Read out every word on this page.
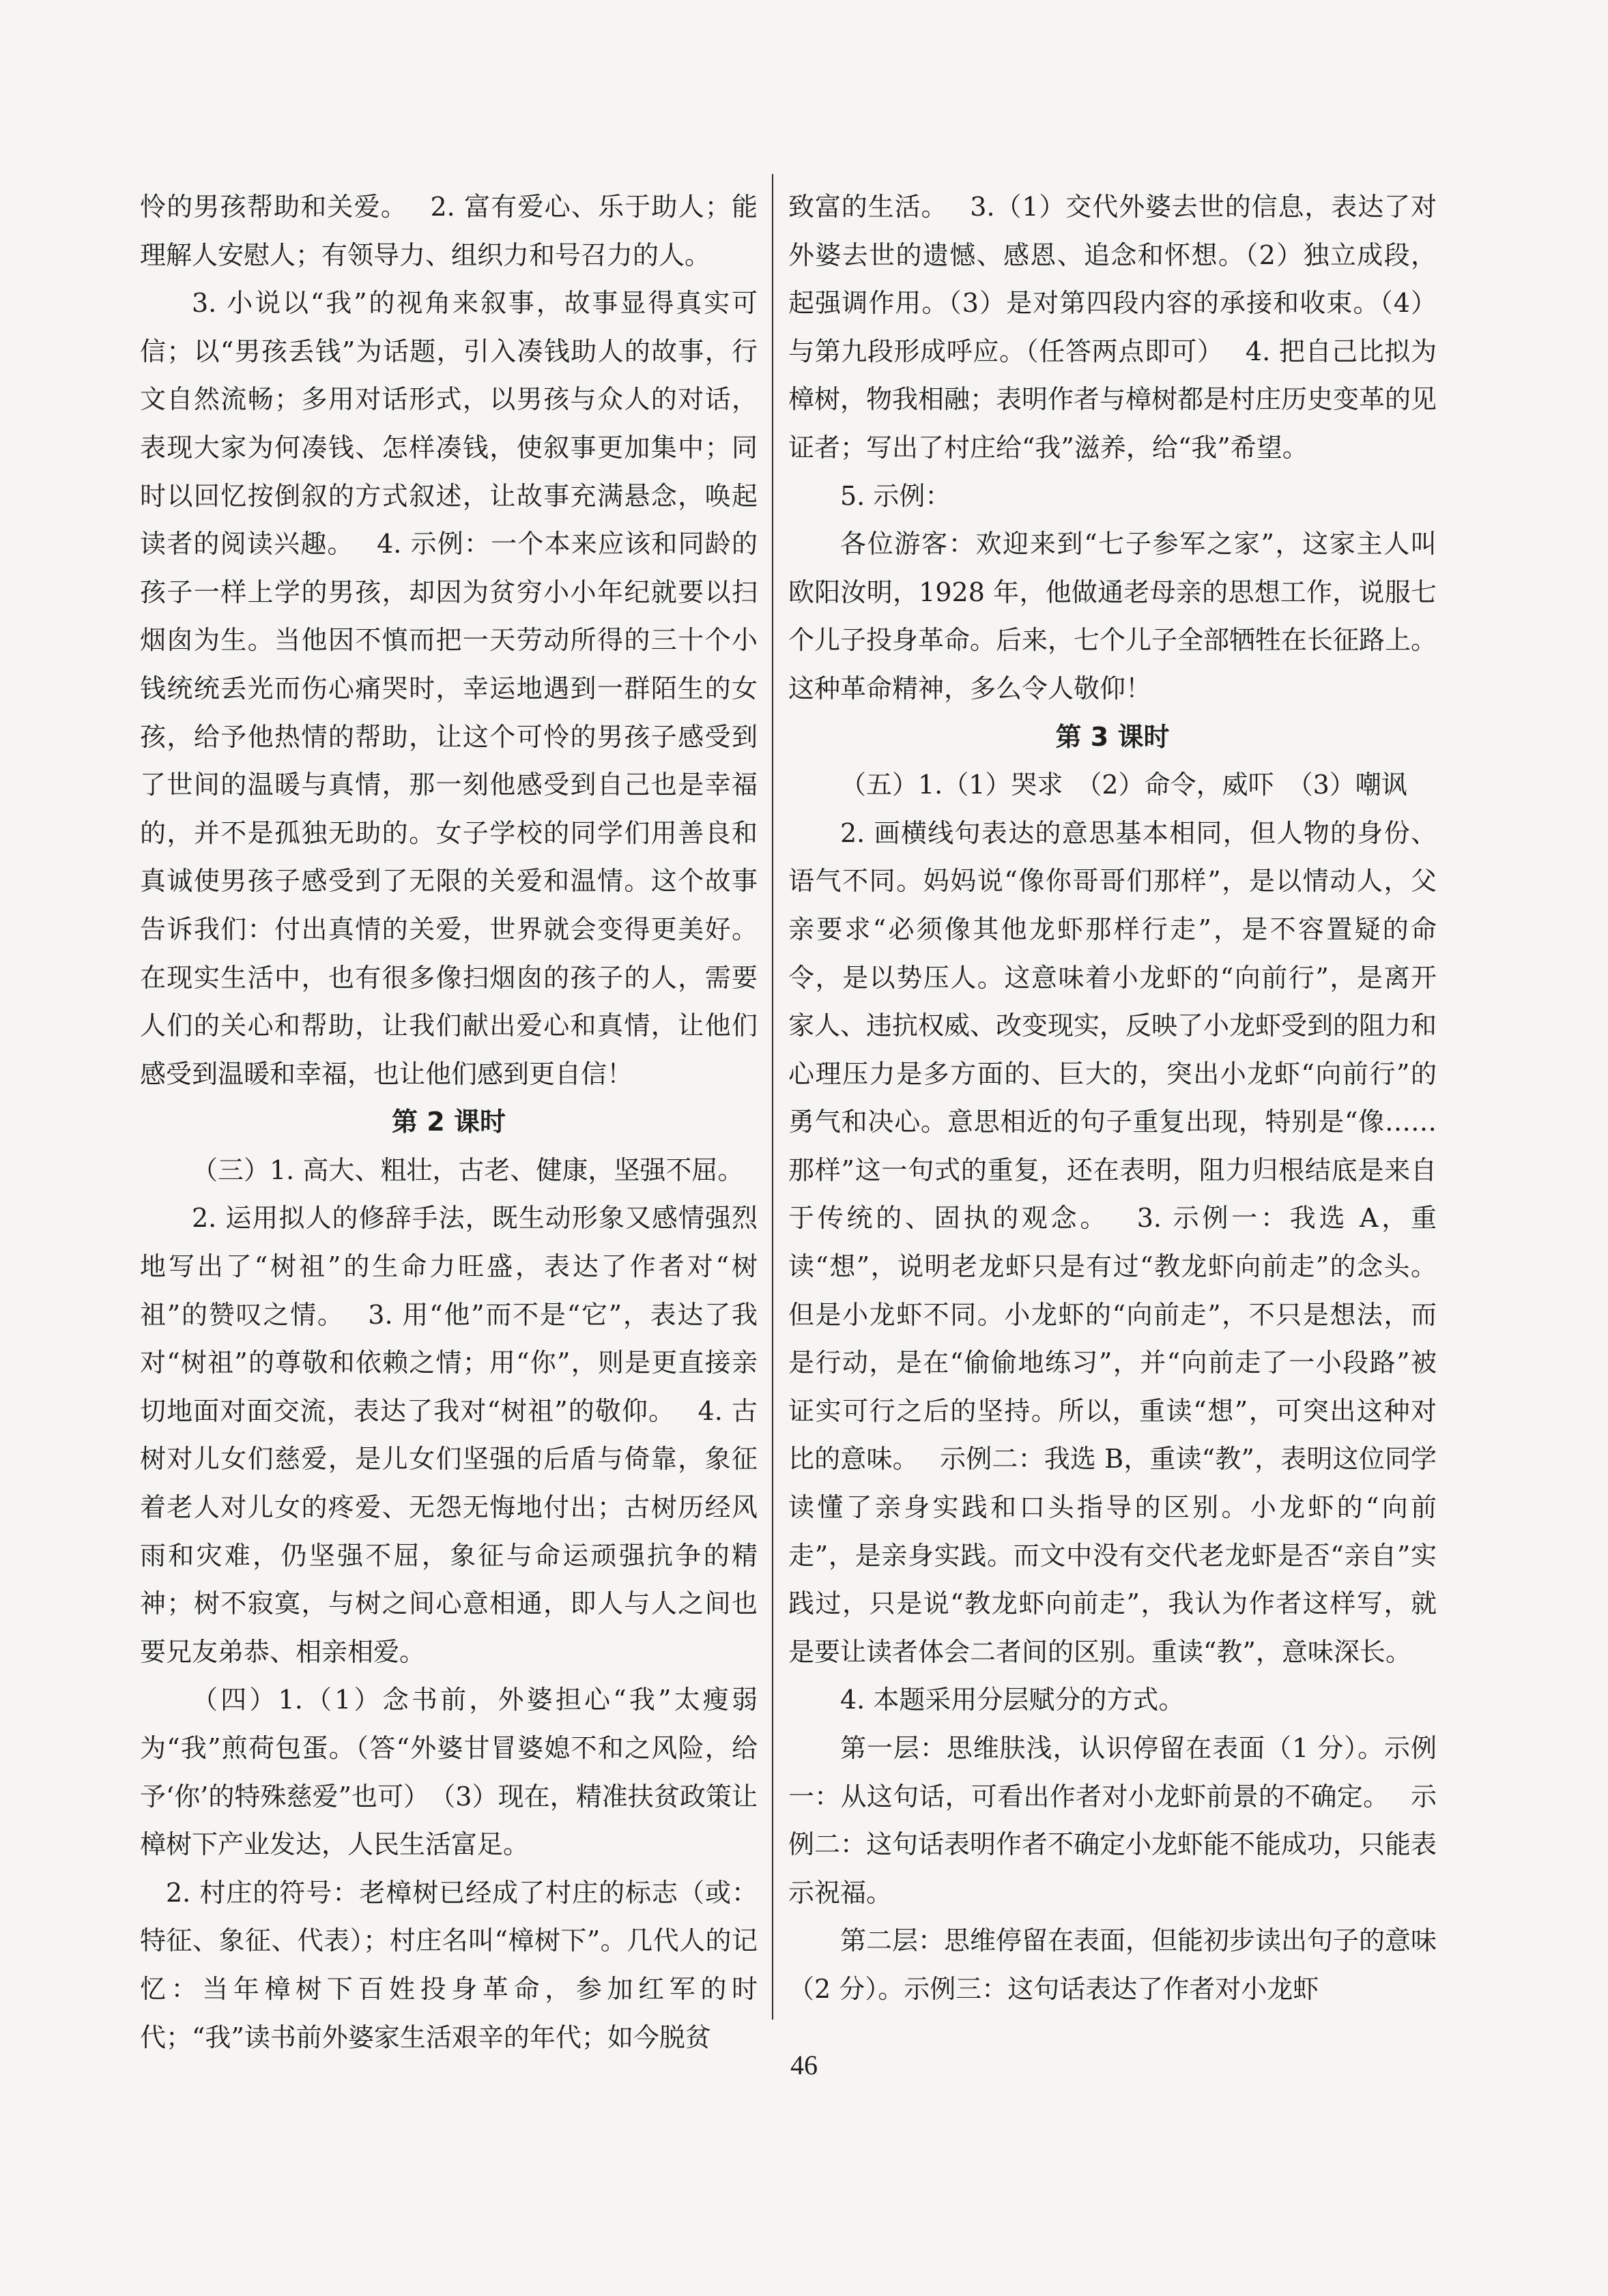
怜的男孩帮助和关爱。　 2. 富有爱心、乐于助人；能理解人安慰人；有领导力、组织力和号召力的人。

3. 小说以“我”的视角来叙事，故事显得真实可信；以“男孩丢钱”为话题，引入凑钱助人的故事，行文自然流畅；多用对话形式，以男孩与众人的对话，表现大家为何凑钱、怎样凑钱，使叙事更加集中；同时以回忆按倒叙的方式叙述，让故事充满悬念，唤起读者的阅读兴趣。　 4. 示例：一个本来应该和同龄的孩子一样上学的男孩，却因为贫穷小小年纪就要以扫烟囱为生。当他因不慎而把一天劳动所得的三十个小钱统统丢光而伤心痛哭时，幸运地遇到一群陌生的女孩，给予他热情的帮助，让这个可怜的男孩子感受到了世间的温暖与真情，那一刻他感受到自己也是幸福的，并不是孤独无助的。女子学校的同学们用善良和真诚使男孩子感受到了无限的关爱和温情。这个故事告诉我们：付出真情的关爱，世界就会变得更美好。在现实生活中，也有很多像扫烟囱的孩子的人，需要人们的关心和帮助，让我们献出爱心和真情，让他们感受到温暖和幸福，也让他们感到更自信！

第 2 课时

（三）1. 高大、粗壮，古老、健康，坚强不屈。

2. 运用拟人的修辞手法，既生动形象又感情强烈地写出了“树祖”的生命力旺盛，表达了作者对“树祖”的赞叹之情。　 3. 用“他”而不是“它”，表达了我对“树祖”的尊敬和依赖之情；用“你”，则是更直接亲切地面对面交流，表达了我对“树祖”的敬仰。　 4. 古树对儿女们慈爱，是儿女们坚强的后盾与倚靠，象征着老人对儿女的疼爱、无怨无悔地付出；古树历经风雨和灾难，仍坚强不屈，象征与命运顽强抗争的精神；树不寂寞，与树之间心意相通，即人与人之间也要兄友弟恭、相亲相爱。

（四）1.（1）念书前，外婆担心“我”太瘦弱为“我”煎荷包蛋。（答“外婆甘冒婆媳不和之风险，给予‘你’的特殊慈爱”也可）　（3）现在，精准扶贫政策让樟树下产业发达，人民生活富足。

2. 村庄的符号：老樟树已经成了村庄的标志（或：特征、象征、代表）；村庄名叫“樟树下”。几代人的记忆：当年樟树下百姓投身革命，参加红军的时代；“我”读书前外婆家生活艰辛的年代；如今脱贫

致富的生活。　 3.（1）交代外婆去世的信息，表达了对外婆去世的遗憾、感恩、追念和怀想。（2）独立成段，起强调作用。（3）是对第四段内容的承接和收束。（4）与第九段形成呼应。（任答两点即可）　 4. 把自己比拟为樟树，物我相融；表明作者与樟树都是村庄历史变革的见证者；写出了村庄给“我”滋养，给“我”希望。

5. 示例：

各位游客：欢迎来到“七子参军之家”，这家主人叫欧阳汝明，1928 年，他做通老母亲的思想工作，说服七个儿子投身革命。后来，七个儿子全部牺牲在长征路上。这种革命精神，多么令人敬仰！

第 3 课时

（五）1.（1）哭求　（2）命令，威吓　（3）嘲讽

2. 画横线句表达的意思基本相同，但人物的身份、语气不同。妈妈说“像你哥哥们那样”，是以情动人，父亲要求“必须像其他龙虾那样行走”，是不容置疑的命令，是以势压人。这意味着小龙虾的“向前行”，是离开家人、违抗权威、改变现实，反映了小龙虾受到的阻力和心理压力是多方面的、巨大的，突出小龙虾“向前行”的勇气和决心。意思相近的句子重复出现，特别是“像……那样”这一句式的重复，还在表明，阻力归根结底是来自于传统的、固执的观念。　 3. 示例一：我选 A，重读“想”，说明老龙虾只是有过“教龙虾向前走”的念头。但是小龙虾不同。小龙虾的“向前走”，不只是想法，而是行动，是在“偷偷地练习”，并“向前走了一小段路”被证实可行之后的坚持。所以，重读“想”，可突出这种对比的意味。　 示例二：我选 B，重读“教”，表明这位同学读懂了亲身实践和口头指导的区别。小龙虾的“向前走”，是亲身实践。而文中没有交代老龙虾是否“亲自”实践过，只是说“教龙虾向前走”，我认为作者这样写，就是要让读者体会二者间的区别。重读“教”，意味深长。

4. 本题采用分层赋分的方式。

第一层：思维肤浅，认识停留在表面（1 分）。示例一：从这句话，可看出作者对小龙虾前景的不确定。　 示例二：这句话表明作者不确定小龙虾能不能成功，只能表示祝福。

第二层：思维停留在表面，但能初步读出句子的意味（2 分）。示例三：这句话表达了作者对小龙虾

46
